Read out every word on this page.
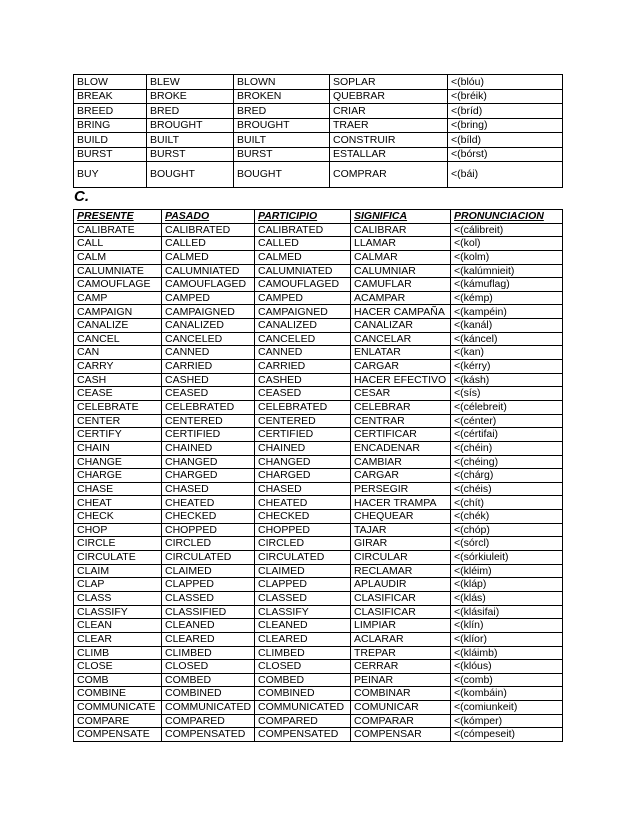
BLOW	BLEW	BLOWN	SOPLAR	<(blóu)
BREAK	BROKE	BROKEN	QUEBRAR	<(bréik)
BREED	BRED	BRED	CRIAR	<(bríd)
BRING	BROUGHT	BROUGHT	TRAER	<(bring)
BUILD	BUILT	BUILT	CONSTRUIR	<(bíld)
BURST	BURST	BURST	ESTALLAR	<(bórst)
BUY	BOUGHT	BOUGHT	COMPRAR	<(bái)
C.
PRESENTE	PASADO	PARTICIPIO	SIGNIFICA	PRONUNCIACION
CALIBRATE	CALIBRATED	CALIBRATED	CALIBRAR	<(cálibreit)
CALL	CALLED	CALLED	LLAMAR	<(kol)
CALM	CALMED	CALMED	CALMAR	<(kolm)
CALUMNIATE	CALUMNIATED	CALUMNIATED	CALUMNIAR	<(kalúmnieit)
CAMOUFLAGE	CAMOUFLAGED	CAMOUFLAGED	CAMUFLAR	<(kámuflag)
CAMP	CAMPED	CAMPED	ACAMPAR	<(kémp)
CAMPAIGN	CAMPAIGNED	CAMPAIGNED	HACER CAMPAÑA	<(kampéin)
CANALIZE	CANALIZED	CANALIZED	CANALIZAR	<(kanál)
CANCEL	CANCELED	CANCELED	CANCELAR	<(káncel)
CAN	CANNED	CANNED	ENLATAR	<(kan)
CARRY	CARRIED	CARRIED	CARGAR	<(kérry)
CASH	CASHED	CASHED	HACER EFECTIVO	<(kásh)
CEASE	CEASED	CEASED	CESAR	<(sís)
CELEBRATE	CELEBRATED	CELEBRATED	CELEBRAR	<(célebreit)
CENTER	CENTERED	CENTERED	CENTRAR	<(cénter)
CERTIFY	CERTIFIED	CERTIFIED	CERTIFICAR	<(cértifai)
CHAIN	CHAINED	CHAINED	ENCADENAR	<(chéin)
CHANGE	CHANGED	CHANGED	CAMBIAR	<(chéing)
CHARGE	CHARGED	CHARGED	CARGAR	<(chárg)
CHASE	CHASED	CHASED	PERSEGIR	<(chéis)
CHEAT	CHEATED	CHEATED	HACER TRAMPA	<(chít)
CHECK	CHECKED	CHECKED	CHEQUEAR	<(chék)
CHOP	CHOPPED	CHOPPED	TAJAR	<(chóp)
CIRCLE	CIRCLED	CIRCLED	GIRAR	<(sórcl)
CIRCULATE	CIRCULATED	CIRCULATED	CIRCULAR	<(sórkiuleit)
CLAIM	CLAIMED	CLAIMED	RECLAMAR	<(kléim)
CLAP	CLAPPED	CLAPPED	APLAUDIR	<(kláp)
CLASS	CLASSED	CLASSED	CLASIFICAR	<(klás)
CLASSIFY	CLASSIFIED	CLASSIFY	CLASIFICAR	<(klásifai)
CLEAN	CLEANED	CLEANED	LIMPIAR	<(klín)
CLEAR	CLEARED	CLEARED	ACLARAR	<(klíor)
CLIMB	CLIMBED	CLIMBED	TREPAR	<(kláimb)
CLOSE	CLOSED	CLOSED	CERRAR	<(klóus)
COMB	COMBED	COMBED	PEINAR	<(comb)
COMBINE	COMBINED	COMBINED	COMBINAR	<(kombáin)
COMMUNICATE	COMMUNICATED	COMMUNICATED	COMUNICAR	<(comiunkeit)
COMPARE	COMPARED	COMPARED	COMPARAR	<(kómper)
COMPENSATE	COMPENSATED	COMPENSATED	COMPENSAR	<(cómpeseit)
